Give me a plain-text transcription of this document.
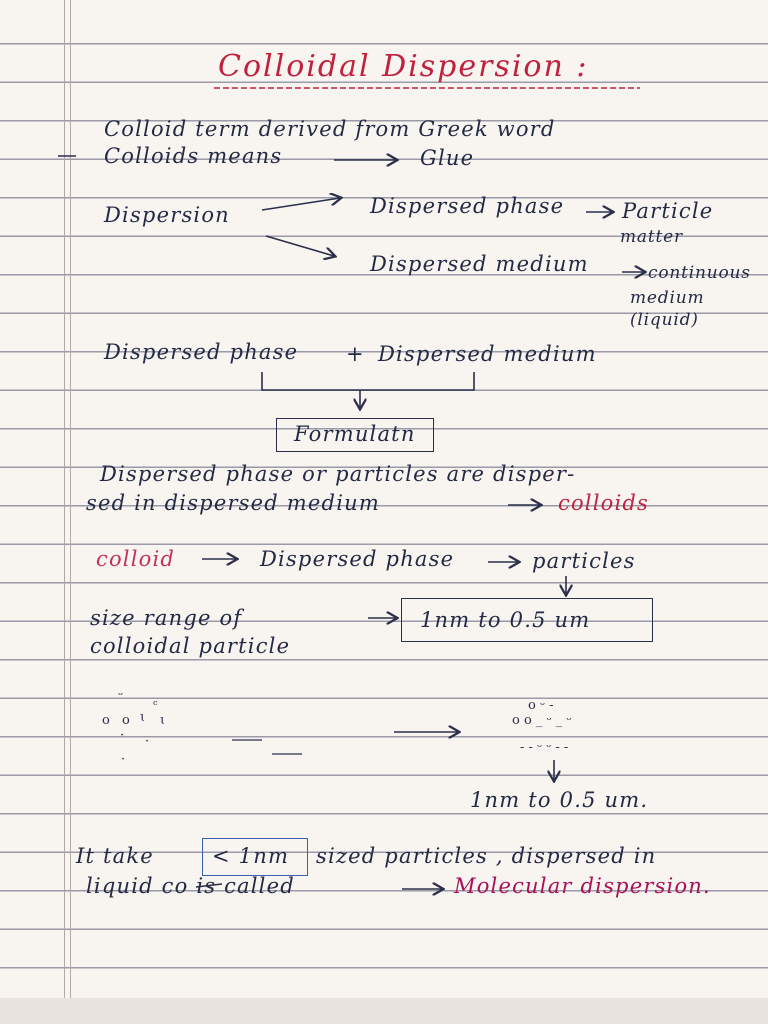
Colloidal Dispersion :
Colloid term derived from Greek word
Colloids means	Glue
Dispersion	Dispersed phase	Particle
matter
Dispersed medium	continuous
medium
(liquid)
Dispersed phase + Dispersed medium
Formulatn
Dispersed phase or particles are disper-
sed in dispersed medium	colloids
colloid	Dispersed phase	particles
size range of
colloidal particle
1nm to 0.5 um
ᵕ
ᶜ
o o ɩ ɩ
· ·
·
o ᵕ -
o o _ ᵕ _ ᵕ
- - ᵕ ᵕ - -
1nm to 0.5 um.
It take	< 1nm sized particles , dispersed in
liquid co is called	Molecular dispersion.
